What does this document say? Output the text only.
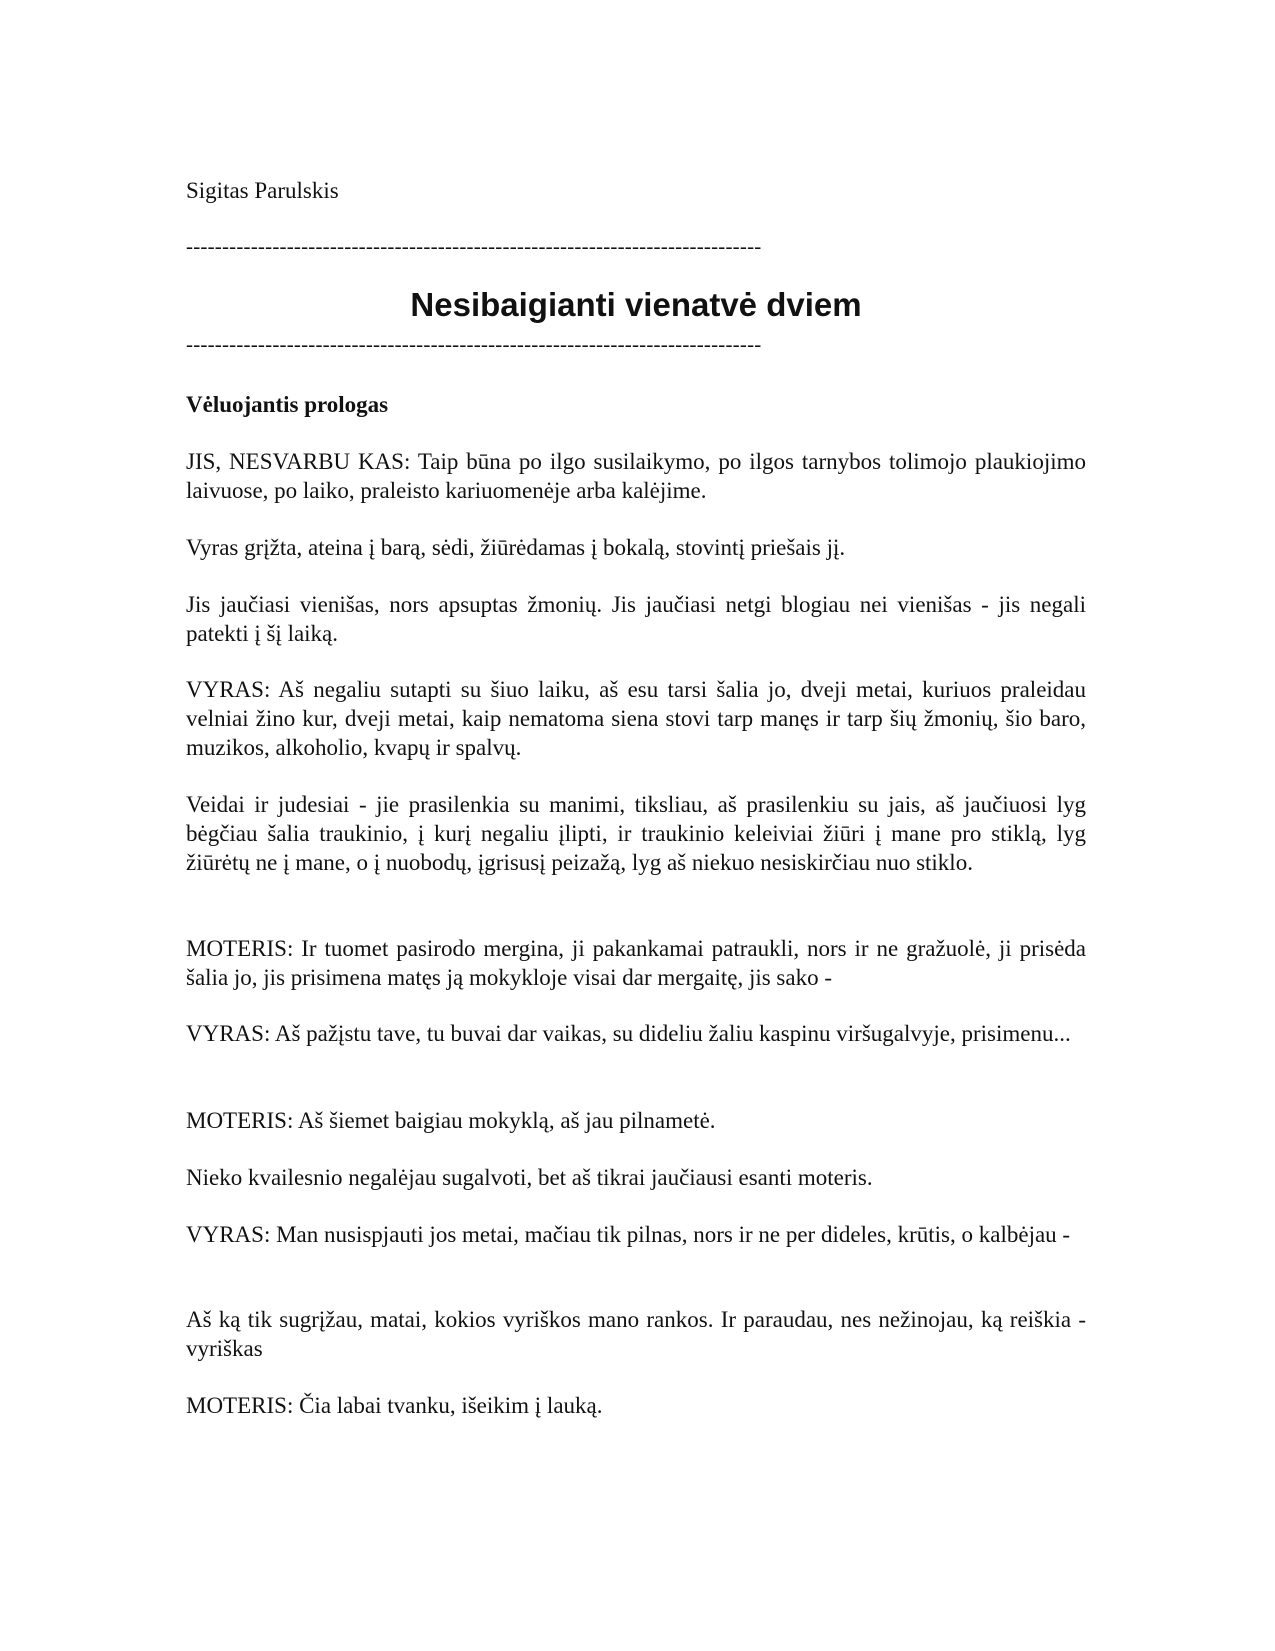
Sigitas Parulskis
--------------------------------------------------------------------------------
Nesibaigianti vienatvė dviem
--------------------------------------------------------------------------------
Vėluojantis prologas
JIS, NESVARBU KAS: Taip būna po ilgo susilaikymo, po ilgos tarnybos tolimojo plaukiojimo laivuose, po laiko, praleisto kariuomenėje arba kalėjime.
Vyras grįžta, ateina į barą, sėdi, žiūrėdamas į bokalą, stovintį priešais jį.
Jis jaučiasi vienišas, nors apsuptas žmonių. Jis jaučiasi netgi blogiau nei vienišas - jis negali patekti į šį laiką.
VYRAS: Aš negaliu sutapti su šiuo laiku, aš esu tarsi šalia jo, dveji metai, kuriuos praleidau velniai žino kur, dveji metai, kaip nematoma siena stovi tarp manęs ir tarp šių žmonių, šio baro, muzikos, alkoholio, kvapų ir spalvų.
Veidai ir judesiai - jie prasilenkia su manimi, tiksliau, aš prasilenkiu su jais, aš jaučiuosi lyg bėgčiau šalia traukinio, į kurį negaliu įlipti, ir traukinio keleiviai žiūri į mane pro stiklą, lyg žiūrėtų ne į mane, o į nuobodų, įgrisusį peizažą, lyg aš niekuo nesiskirčiau nuo stiklo.
MOTERIS: Ir tuomet pasirodo mergina, ji pakankamai patraukli, nors ir ne gražuolė, ji prisėda šalia jo, jis prisimena matęs ją mokykloje visai dar mergaitę, jis sako -
VYRAS: Aš pažįstu tave, tu buvai dar vaikas, su dideliu žaliu kaspinu viršugalvyje, prisimenu...
MOTERIS: Aš šiemet baigiau mokyklą, aš jau pilnametė.
Nieko kvailesnio negalėjau sugalvoti, bet aš tikrai jaučiausi esanti moteris.
VYRAS: Man nusispjauti jos metai, mačiau tik pilnas, nors ir ne per dideles, krūtis, o kalbėjau -
Aš ką tik sugrįžau, matai, kokios vyriškos mano rankos. Ir paraudau, nes nežinojau, ką reiškia - vyriškas
MOTERIS: Čia labai tvanku, išeikim į lauką.
